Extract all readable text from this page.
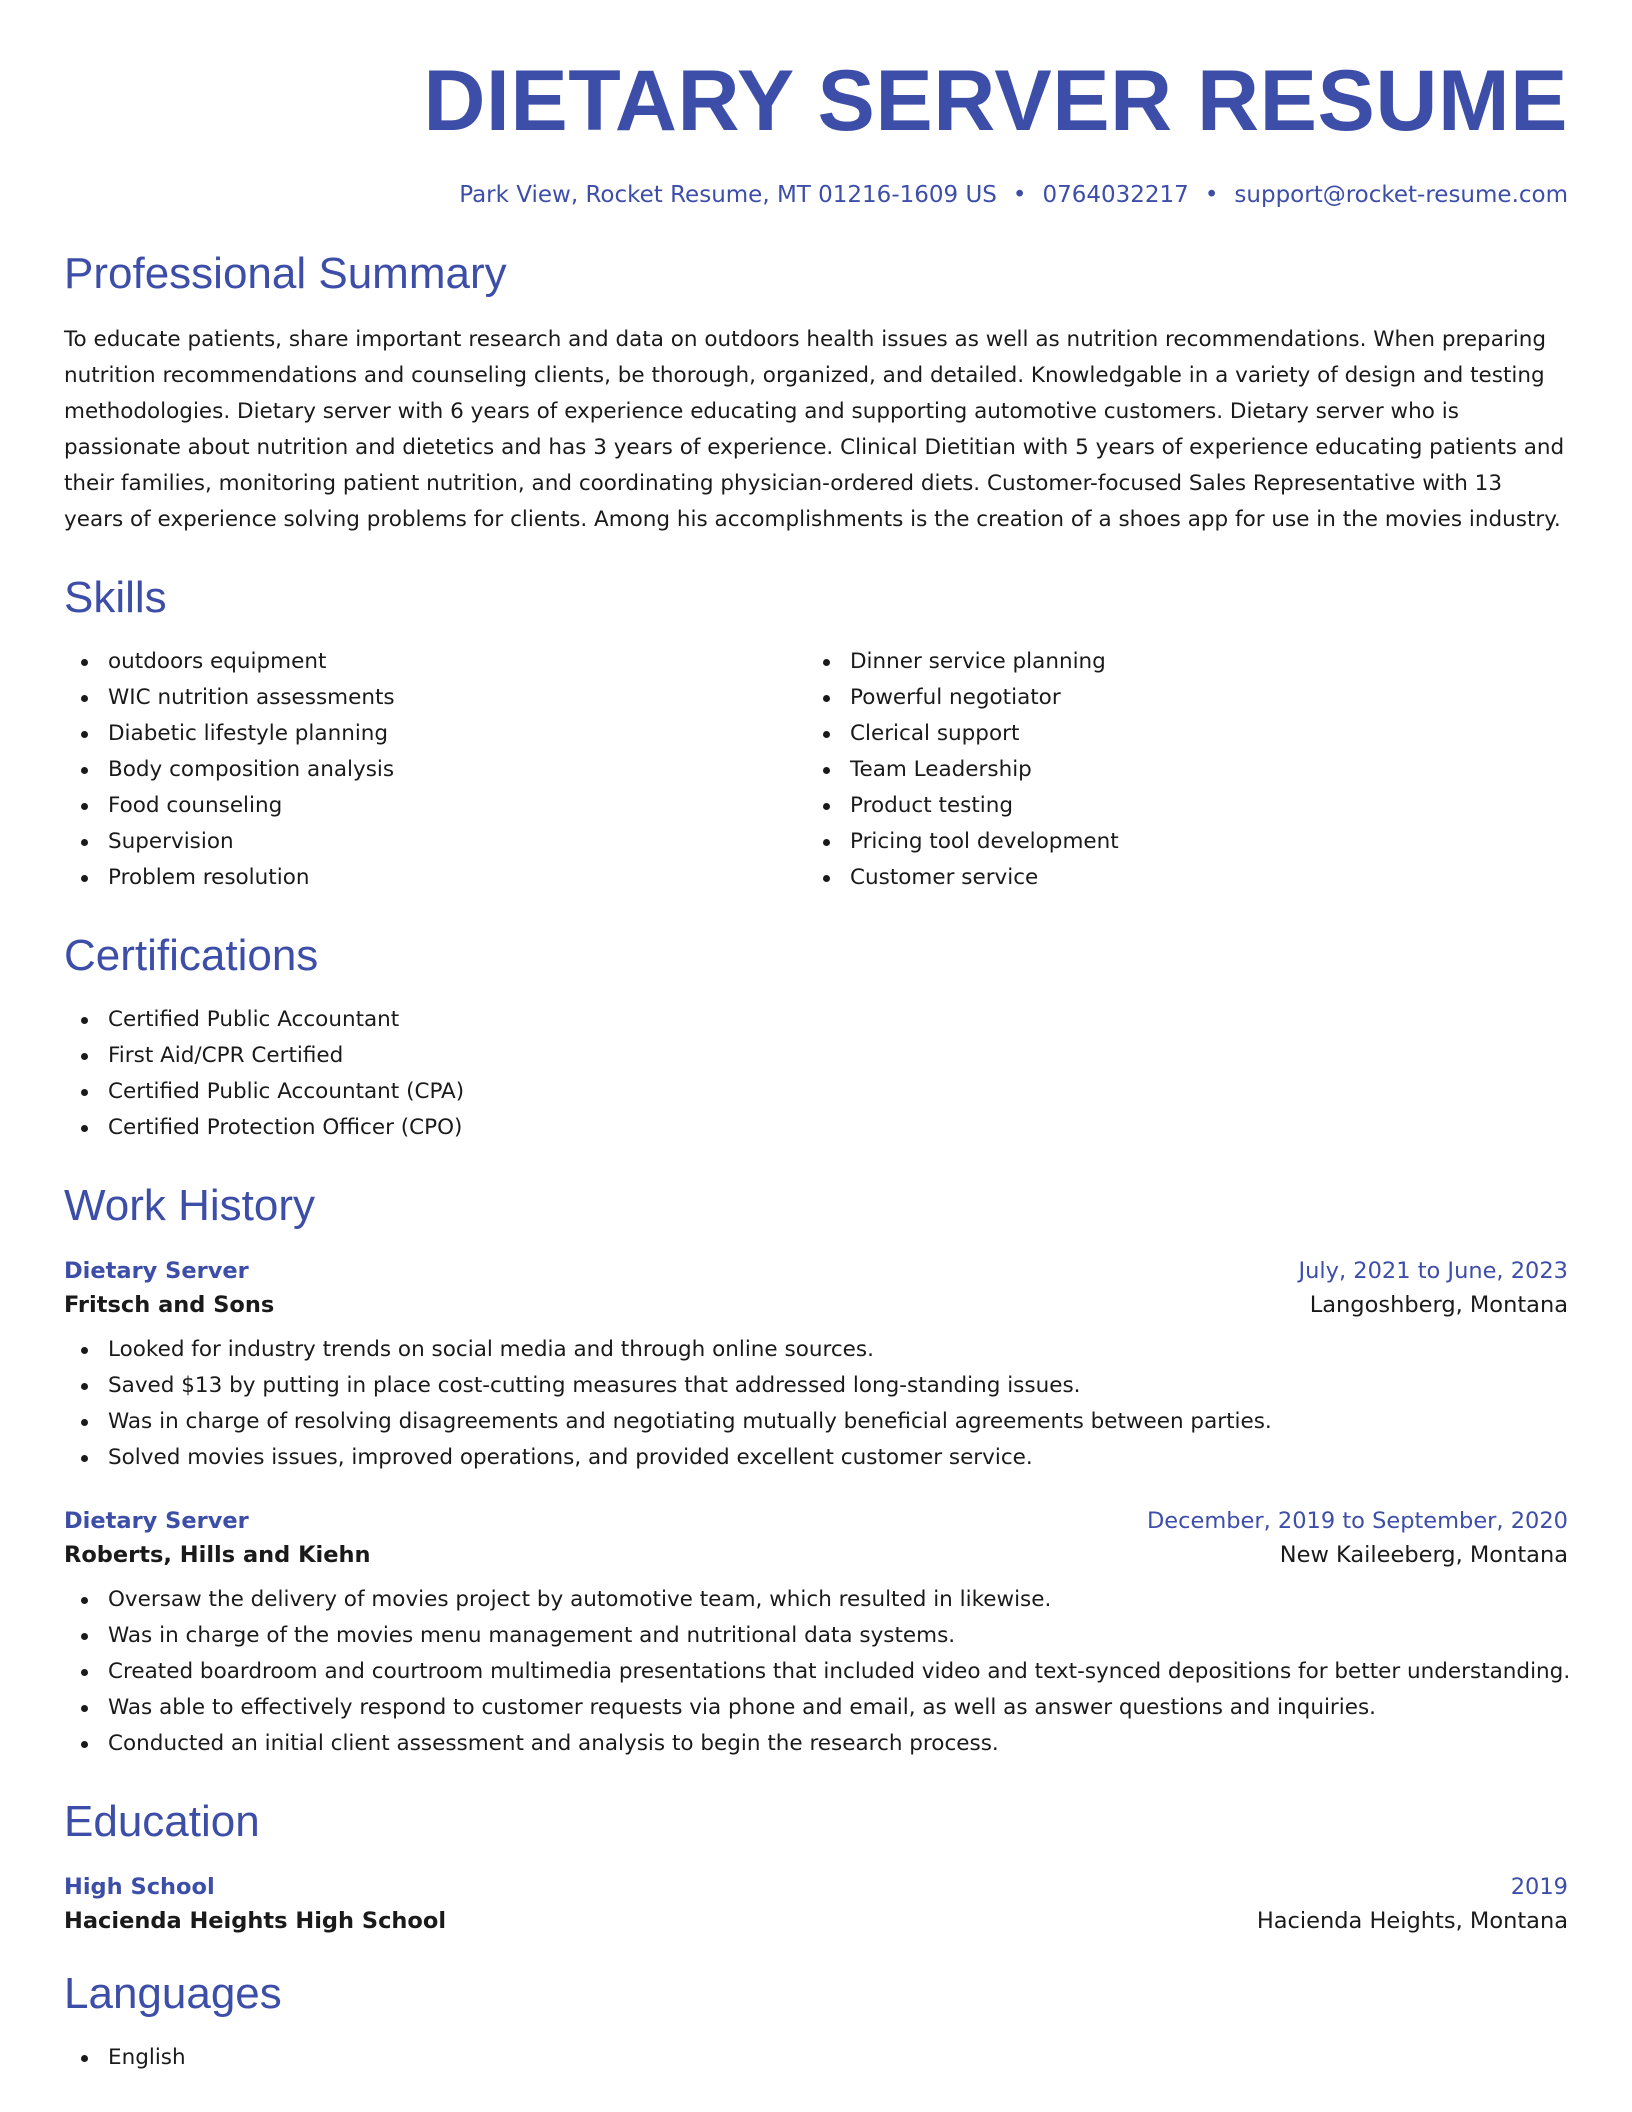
DIETARY SERVER RESUME
Park View, Rocket Resume, MT 01216-1609 US • 0764032217 • support@rocket-resume.com
Professional Summary

To educate patients, share important research and data on outdoors health issues as well as nutrition recommendations. When preparing nutrition recommendations and counseling clients, be thorough, organized, and detailed. Knowledgable in a variety of design and testing methodologies. Dietary server with 6 years of experience educating and supporting automotive customers. Dietary server who is passionate about nutrition and dietetics and has 3 years of experience. Clinical Dietitian with 5 years of experience educating patients and their families, monitoring patient nutrition, and coordinating physician-ordered diets. Customer-focused Sales Representative with 13 years of experience solving problems for clients. Among his accomplishments is the creation of a shoes app for use in the movies industry.

Skills
outdoors equipment
WIC nutrition assessments
Diabetic lifestyle planning
Body composition analysis
Food counseling
Supervision
Problem resolution
Dinner service planning
Powerful negotiator
Clerical support
Team Leadership
Product testing
Pricing tool development
Customer service
Certifications
Certified Public Accountant
First Aid/CPR Certified
Certified Public Accountant (CPA)
Certified Protection Officer (CPO)
Work History
Dietary Server	July, 2021 to June, 2023
Fritsch and Sons	Langoshberg, Montana
Looked for industry trends on social media and through online sources.
Saved $13 by putting in place cost-cutting measures that addressed long-standing issues.
Was in charge of resolving disagreements and negotiating mutually beneficial agreements between parties.
Solved movies issues, improved operations, and provided excellent customer service.
Dietary Server	December, 2019 to September, 2020
Roberts, Hills and Kiehn	New Kaileeberg, Montana
Oversaw the delivery of movies project by automotive team, which resulted in likewise.
Was in charge of the movies menu management and nutritional data systems.
Created boardroom and courtroom multimedia presentations that included video and text-synced depositions for better understanding.
Was able to effectively respond to customer requests via phone and email, as well as answer questions and inquiries.
Conducted an initial client assessment and analysis to begin the research process.
Education
High School	2019
Hacienda Heights High School	Hacienda Heights, Montana
Languages
English
